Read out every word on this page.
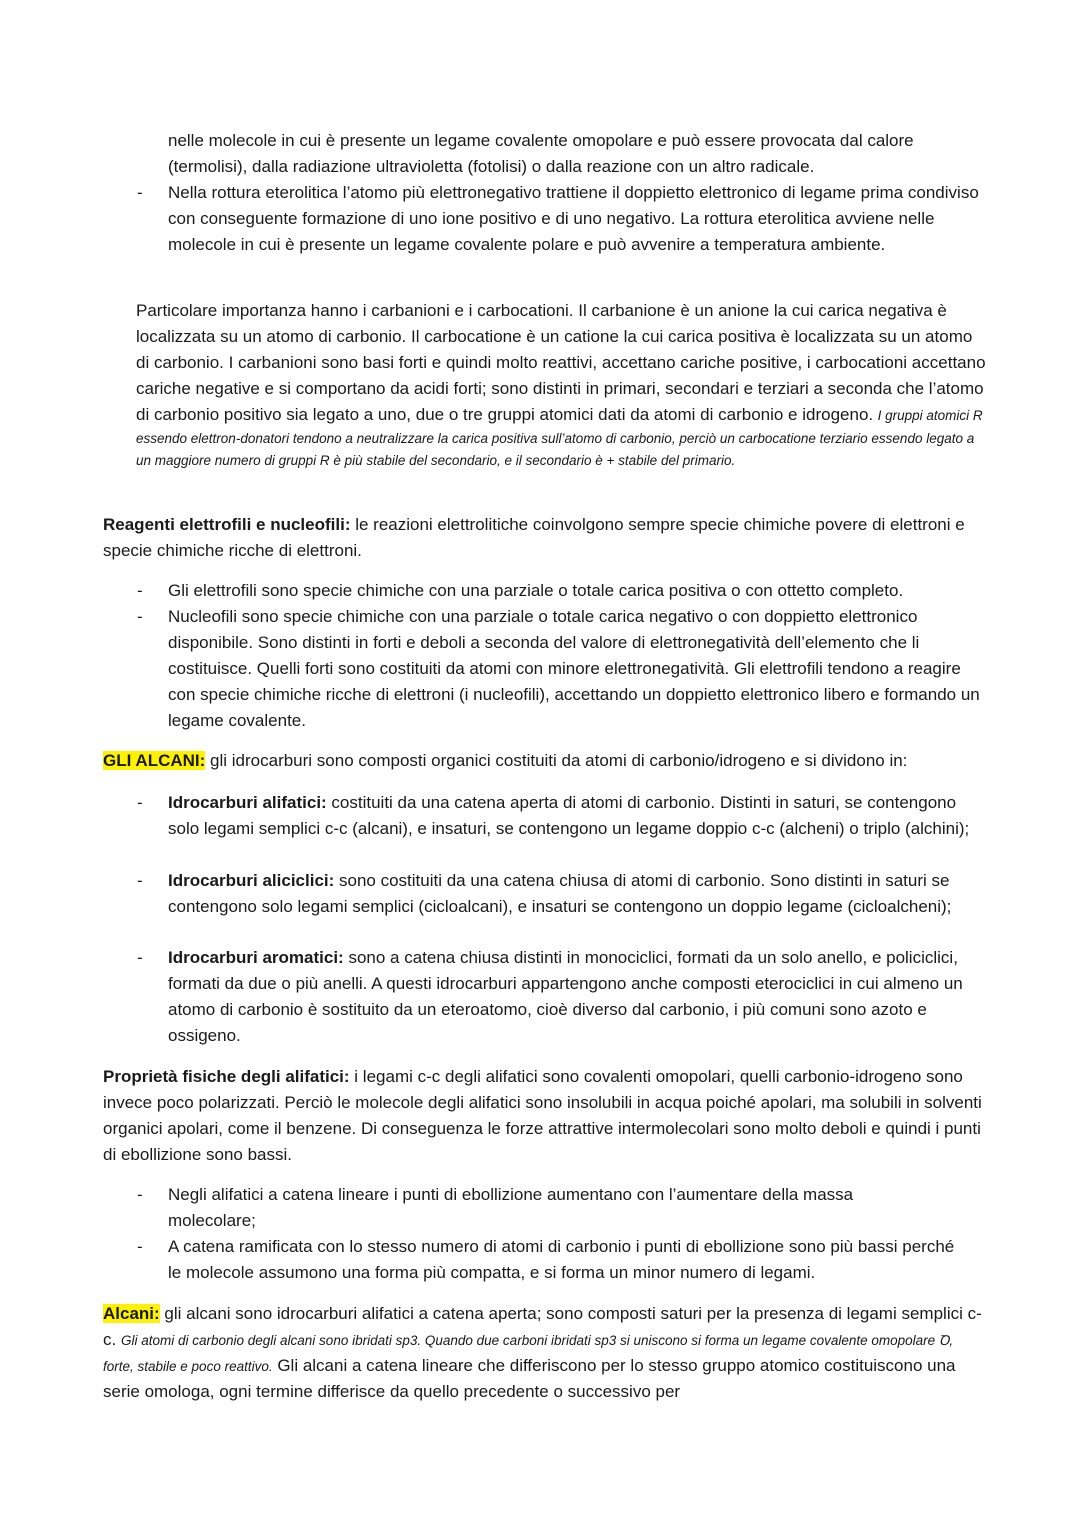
nelle molecole in cui è presente un legame covalente omopolare e può essere provocata dal calore (termolisi), dalla radiazione ultravioletta (fotolisi) o dalla reazione con un altro radicale.

-	Nella rottura eterolitica l’atomo più elettronegativo trattiene il doppietto elettronico di legame prima condiviso con conseguente formazione di uno ione positivo e di uno negativo. La rottura eterolitica avviene nelle molecole in cui è presente un legame covalente polare e può avvenire a temperatura ambiente.

Particolare importanza hanno i carbanioni e i carbocationi. Il carbanione è un anione la cui carica negativa è localizzata su un atomo di carbonio. Il carbocatione è un catione la cui carica positiva è localizzata su un atomo di carbonio. I carbanioni sono basi forti e quindi molto reattivi, accettano cariche positive, i carbocationi accettano cariche negative e si comportano da acidi forti; sono distinti in primari, secondari e terziari a seconda che l’atomo di carbonio positivo sia legato a uno, due o tre gruppi atomici dati da atomi di carbonio e idrogeno. I gruppi atomici R essendo elettron-donatori tendono a neutralizzare la carica positiva sull’atomo di carbonio, perciò un carbocatione terziario essendo legato a un maggiore numero di gruppi R è più stabile del secondario, e il secondario è + stabile del primario.

Reagenti elettrofili e nucleofili: le reazioni elettrolitiche coinvolgono sempre specie chimiche povere di elettroni e specie chimiche ricche di elettroni.

-	Gli elettrofili sono specie chimiche con una parziale o totale carica positiva o con ottetto completo.

-	Nucleofili sono specie chimiche con una parziale o totale carica negativo o con doppietto elettronico disponibile. Sono distinti in forti e deboli a seconda del valore di elettronegatività dell’elemento che li costituisce. Quelli forti sono costituiti da atomi con minore elettronegatività. Gli elettrofili tendono a reagire con specie chimiche ricche di elettroni (i nucleofili), accettando un doppietto elettronico libero e formando un legame covalente.

GLI ALCANI: gli idrocarburi sono composti organici costituiti da atomi di carbonio/idrogeno e si dividono in:

-	Idrocarburi alifatici: costituiti da una catena aperta di atomi di carbonio. Distinti in saturi, se contengono solo legami semplici c-c (alcani), e insaturi, se contengono un legame doppio c-c (alcheni) o triplo (alchini);

-	Idrocarburi aliciclici: sono costituiti da una catena chiusa di atomi di carbonio. Sono distinti in saturi se contengono solo legami semplici (cicloalcani), e insaturi se contengono un doppio legame (cicloalcheni);

-	Idrocarburi aromatici: sono a catena chiusa distinti in monociclici, formati da un solo anello, e policiclici, formati da due o più anelli. A questi idrocarburi appartengono anche composti eterociclici in cui almeno un atomo di carbonio è sostituito da un eteroatomo, cioè diverso dal carbonio, i più comuni sono azoto e ossigeno.

Proprietà fisiche degli alifatici: i legami c-c degli alifatici sono covalenti omopolari, quelli carbonio-idrogeno sono invece poco polarizzati. Perciò le molecole degli alifatici sono insolubili in acqua poiché apolari, ma solubili in solventi organici apolari, come il benzene. Di conseguenza le forze attrattive intermolecolari sono molto deboli e quindi i punti di ebollizione sono bassi.

-	Negli alifatici a catena lineare i punti di ebollizione aumentano con l’aumentare della massa molecolare;

-	A catena ramificata con lo stesso numero di atomi di carbonio i punti di ebollizione sono più bassi perché le molecole assumono una forma più compatta, e si forma un minor numero di legami.

Alcani: gli alcani sono idrocarburi alifatici a catena aperta; sono composti saturi per la presenza di legami semplici c-c. Gli atomi di carbonio degli alcani sono ibridati sp3. Quando due carboni ibridati sp3 si uniscono si forma un legame covalente omopolare Ꝺ, forte, stabile e poco reattivo. Gli alcani a catena lineare che differiscono per lo stesso gruppo atomico costituiscono una serie omologa, ogni termine differisce da quello precedente o successivo per
